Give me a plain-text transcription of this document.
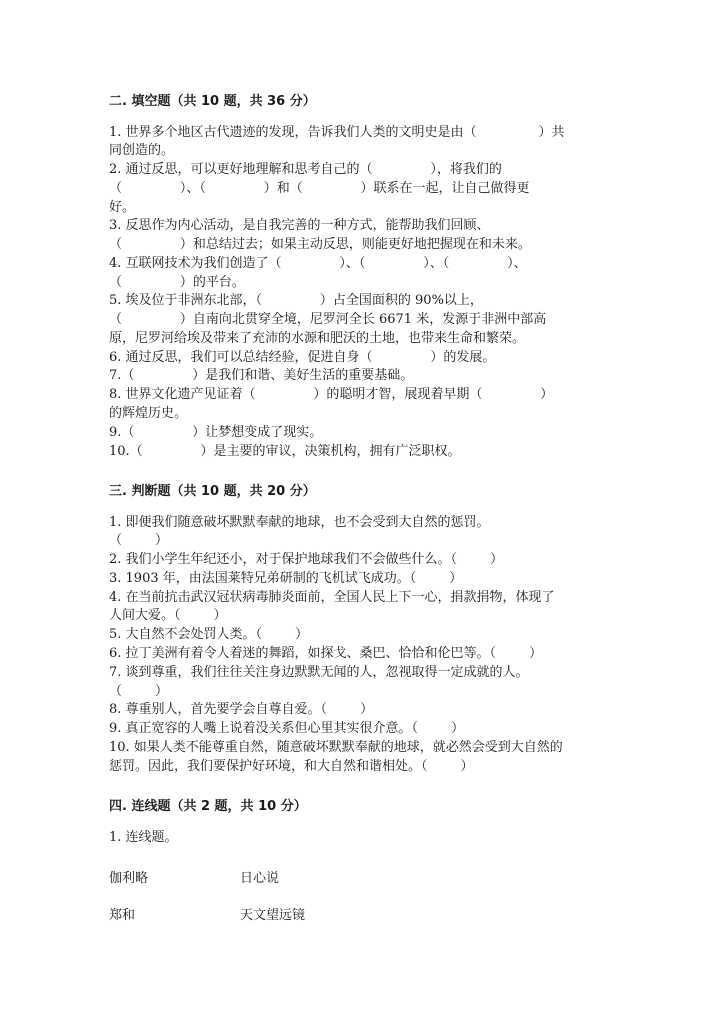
二. 填空题（共 10 题，共 36 分）
1. 世界多个地区古代遗迹的发现，告诉我们人类的文明史是由（               ）共
同创造的。
2. 通过反思，可以更好地理解和思考自己的（              ），将我们的
（              ）、（              ）和（              ）联系在一起，让自己做得更
好。
3. 反思作为内心活动，是自我完善的一种方式，能帮助我们回顾、
（              ）和总结过去；如果主动反思，则能更好地把握现在和未来。
4. 互联网技术为我们创造了（              ）、（              ）、（              ）、
（              ）的平台。
5. 埃及位于非洲东北部，（              ）占全国面积的 90%以上，
（              ）自南向北贯穿全境，尼罗河全长 6671 米，发源于非洲中部高
原，尼罗河给埃及带来了充沛的水源和肥沃的土地，也带来生命和繁荣。
6. 通过反思，我们可以总结经验，促进自身（              ）的发展。
7.（              ）是我们和谐、美好生活的重要基础。
8. 世界文化遗产见证着（              ）的聪明才智，展现着早期（              ）
的辉煌历史。
9.（              ）让梦想变成了现实。
10.（              ）是主要的审议，决策机构，拥有广泛职权。
三. 判断题（共 10 题，共 20 分）
1. 即便我们随意破坏默默奉献的地球，也不会受到大自然的惩罚。
（        ）
2. 我们小学生年纪还小，对于保护地球我们不会做些什么。（        ）
3. 1903 年，由法国莱特兄弟研制的飞机试飞成功。（        ）
4. 在当前抗击武汉冠状病毒肺炎面前，全国人民上下一心，捐款捐物，体现了
人间大爱。（        ）
5. 大自然不会处罚人类。（        ）
6. 拉丁美洲有着令人着迷的舞蹈，如探戈、桑巴、恰恰和伦巴等。（        ）
7. 谈到尊重，我们往往关注身边默默无闻的人，忽视取得一定成就的人。
（        ）
8. 尊重别人，首先要学会自尊自爱。（        ）
9. 真正宽容的人嘴上说着没关系但心里其实很介意。（        ）
10. 如果人类不能尊重自然，随意破坏默默奉献的地球，就必然会受到大自然的
惩罚。因此，我们要保护好环境，和大自然和谐相处。（        ）
四. 连线题（共 2 题，共 10 分）
1. 连线题。
伽利略	日心说
郑和	天文望远镜
